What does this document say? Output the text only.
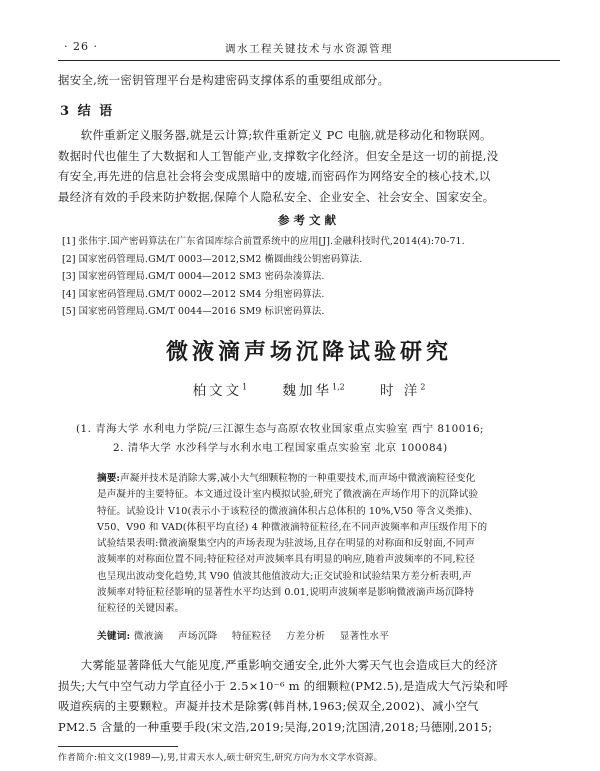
· 26 ·	调水工程关键技术与水资源管理
据安全,统一密钥管理平台是构建密码支撑体系的重要组成部分。
3 结 语
软件重新定义服务器,就是云计算;软件重新定义 PC 电脑,就是移动化和物联网。
数据时代也催生了大数据和人工智能产业,支撑数字化经济。但安全是这一切的前提,没
有安全,再先进的信息社会将会变成黑暗中的废墟,而密码作为网络安全的核心技术,以
最经济有效的手段来防护数据,保障个人隐私安全、企业安全、社会安全、国家安全。
参考文献
[1] 张伟宇.国产密码算法在广东省国库综合前置系统中的应用[J].金融科技时代,2014(4):70-71.
[2] 国家密码管理局.GM/T 0003—2012,SM2 椭圆曲线公钥密码算法.
[3] 国家密码管理局.GM/T 0004—2012 SM3 密码杂凑算法.
[4] 国家密码管理局.GM/T 0002—2012 SM4 分组密码算法.
[5] 国家密码管理局.GM/T 0044—2016 SM9 标识密码算法.
微液滴声场沉降试验研究
柏文文$^1$	魏加华$^{1,2}$	时 洋$^2$
(1. 青海大学 水利电力学院/三江源生态与高原农牧业国家重点实验室 西宁 810016;
2. 清华大学 水沙科学与水利水电工程国家重点实验室 北京 100084)
摘要:声凝并技术是消除大雾,减小大气细颗粒物的一种重要技术,而声场中微液滴粒径变化
是声凝并的主要特征。本文通过设计室内模拟试验,研究了微液滴在声场作用下的沉降试验
特征。试验设计 V10(表示小于该粒径的微液滴体积占总体积的 10%,V50 等含义类推)、
V50、V90 和 VAD(体积平均直径) 4 种微液滴特征粒径,在不同声波频率和声压级作用下的
试验结果表明:微液滴聚集空内的声场表现为驻波场,且存在明显的对称面和反射面,不同声
波频率的对称面位置不同;特征粒径对声波频率具有明显的响应,随着声波频率的不同,粒径
也呈现出波动变化趋势,其 V90 值波其他值波动大;正交试验和试验结果方差分析表明,声
波频率对特征粒径影响的显著性水平均达到 0.01,说明声波频率是影响微液滴声场沉降特
征粒径的关键因素。
关键词: 微液滴 声场沉降 特征粒径 方差分析 显著性水平
大雾能显著降低大气能见度,严重影响交通安全,此外大雾天气也会造成巨大的经济
损失;大气中空气动力学直径小于 2.5×10⁻⁶ m 的细颗粒(PM2.5),是造成大气污染和呼
吸道疾病的主要颗粒。声凝并技术是除雾(韩肖林,1963;侯双全,2002)、减小空气
PM2.5 含量的一种重要手段(宋文浩,2019;吴海,2019;沈国清,2018;马德刚,2015;
作者简介:柏文文(1989—),男,甘肃天水人,硕士研究生,研究方向为水文学水资源。
